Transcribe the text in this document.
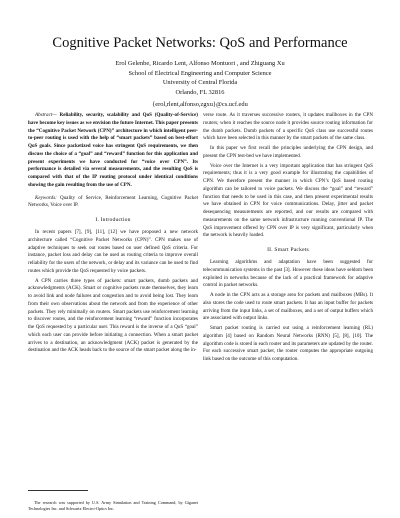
Cognitive Packet Networks: QoS and Performance
Erol Gelenbe, Ricardo Lent, Alfonso Montuori , and Zhiguang Xu
School of Electrical Engineering and Computer Science
University of Central Florida
Orlando, FL 32816
{erol,rlent,alfonso,zgxu}@cs.ucf.edu

Abstract— Reliability, security, scalability and QoS (Quality-of-Service) have become key issues as we envision the future Internet. This paper presents the “Cognitive Packet Network (CPN)” architecture in which intelligent peer-to-peer routing is used with the help of “smart packets” based on best-effort QoS goals. Since packetized voice has stringent QoS requirements, we then discuss the choice of a “goal” and “reward” function for this application and present experiments we have conducted for “voice over CPN”. Its performance is detailed via several measurements, and the resulting QoS is compared with that of the IP routing protocol under identical conditions showing the gain resulting from the use of CPN.

Keywords: Quality of Service, Reinforcement Learning, Cognitive Packet Networks, Voice over IP.

I. Introduction

In recent papers [7], [9], [11], [12] we have proposed a new network architecture called “Cognitive Packet Networks (CPN)”. CPN makes use of adaptive techniques to seek out routes based on user defined QoS criteria. For instance, packet loss and delay can be used as routing criteria to improve overall reliability for the users of the network, or delay and its variance can be used to find routes which provide the QoS requested by voice packets.

A CPN carries three types of packets: smart packets, dumb packets and acknowledgments (ACK). Smart or cognitive packets route themselves, they learn to avoid link and node failures and congestion and to avoid being lost. They learn from their own observations about the network and from the experience of other packets. They rely minimally on routers. Smart packets use reinforcement learning to discover routes, and the reinforcement learning “reward” function incorporates the QoS requested by a particular user. This reward is the inverse of a QoS “goal” which each user can provide before initiating a connection. When a smart packet arrives to a destination, an acknowledgment (ACK) packet is generated by the destination and the ACK heads back to the source of the smart packet along the in-

The research was supported by U.S. Army Simulation and Training Command, by Giganet Technologies Inc. and Schwartz Electro-Optics Inc.

verse route. As it traverses successive routers, it updates mailboxes in the CPN routers; when it reaches the source node it provides source routing information for the dumb packets. Dumb packets of a specific QoS class use successful routes which have been selected in this manner by the smart packets of the same class.

In this paper we first recall the principles underlying the CPN design, and present the CPN test-bed we have implemented.

Voice over the Internet is a very important application that has stringent QoS requirements; thus it is a very good example for illustrating the capabilities of CPN. We therefore present the manner in which CPN’s QoS based routing algorithm can be tailored to voice packets. We discuss the “goal” and “reward” function that needs to be used in this case, and then present experimental results we have obtained in CPN for voice communications. Delay, jitter and packet desequencing measurements are reported, and our results are compared with measurements on the same network infrastructure running conventional IP. The QoS improvement offered by CPN over IP is very significant, particularly when the network is heavily loaded.

II. Smart Packets

Learning algorithms and adaptation have been suggested for telecommunication systems in the past [3]. However these ideas have seldom been exploited in networks because of the lack of a practical framework for adaptive control in packet networks.

A node in the CPN acts as a storage area for packets and mailboxes (MBs). It also stores the code used to route smart packets. It has an input buffer for packets arriving from the input links, a set of mailboxes, and a set of output buffers which are associated with output links.

Smart packet routing is carried out using a reinforcement learning (RL) algorithm [4] based on Random Neural Networks (RNN) [5], [8], [10]. The algorithm code is stored in each router and its parameters are updated by the router. For each successive smart packet, the router computes the appropriate outgoing link based on the outcome of this computation.
